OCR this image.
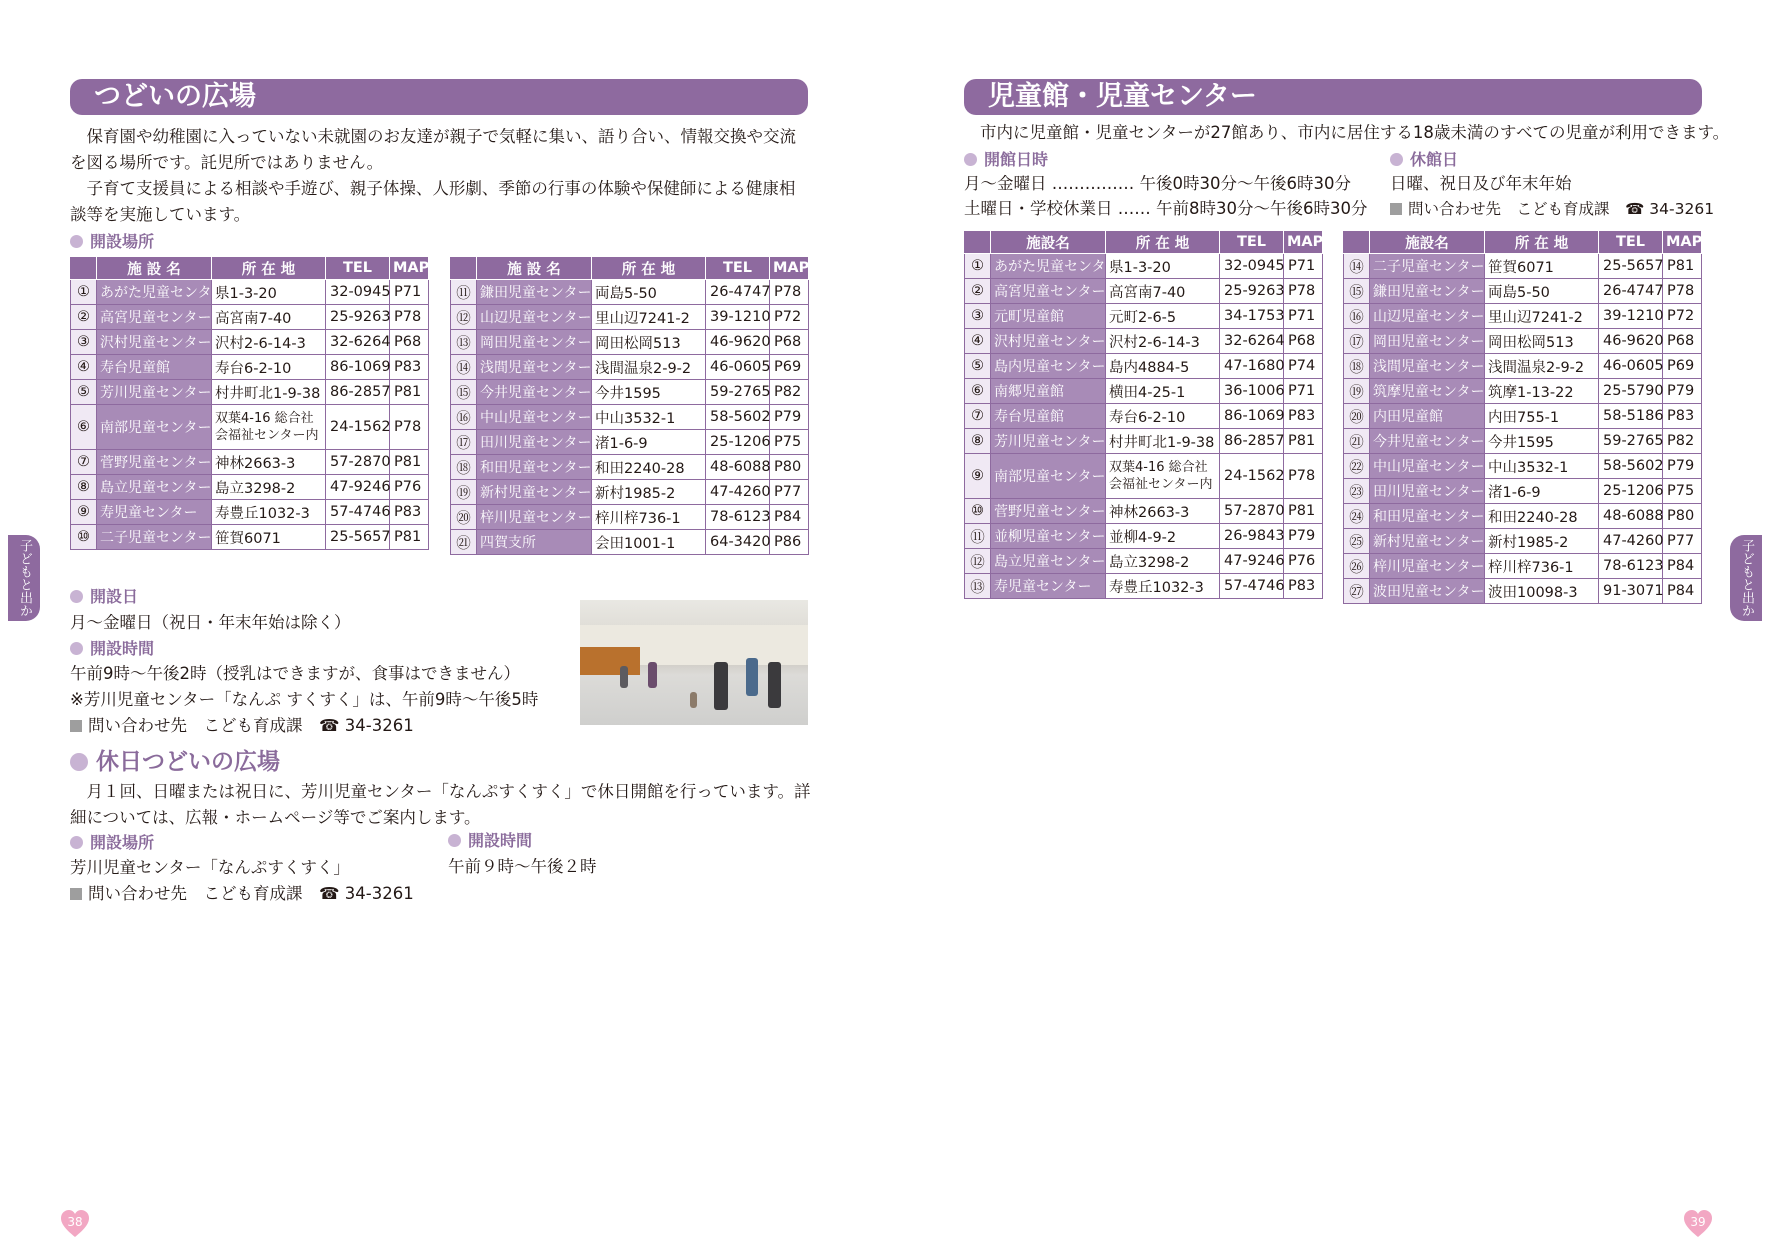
つどいの広場
　保育園や幼稚園に入っていない未就園のお友達が親子で気軽に集い、語り合い、情報交換や交流を図る場所です。託児所ではありません。
　子育て支援員による相談や手遊び、親子体操、人形劇、季節の行事の体験や保健師による健康相談等を実施しています。
開設場所
	施 設 名	所 在 地	TEL	MAP
①	あがた児童センター	県1-3-20	32-0945	P71
②	高宮児童センター	高宮南7-40	25-9263	P78
③	沢村児童センター	沢村2-6-14-3	32-6264	P68
④	寿台児童館	寿台6-2-10	86-1069	P83
⑤	芳川児童センター	村井町北1-9-38	86-2857	P81
⑥	南部児童センター	双葉4-16 総合社会福祉センター内	24-1562	P78
⑦	菅野児童センター	神林2663-3	57-2870	P81
⑧	島立児童センター	島立3298-2	47-9246	P76
⑨	寿児童センター	寿豊丘1032-3	57-4746	P83
⑩	二子児童センター	笹賀6071	25-5657	P81
	施 設 名	所 在 地	TEL	MAP
⑪	鎌田児童センター	両島5-50	26-4747	P78
⑫	山辺児童センター	里山辺7241-2	39-1210	P72
⑬	岡田児童センター	岡田松岡513	46-9620	P68
⑭	浅間児童センター	浅間温泉2-9-2	46-0605	P69
⑮	今井児童センター	今井1595	59-2765	P82
⑯	中山児童センター	中山3532-1	58-5602	P79
⑰	田川児童センター	渚1-6-9	25-1206	P75
⑱	和田児童センター	和田2240-28	48-6088	P80
⑲	新村児童センター	新村1985-2	47-4260	P77
⑳	梓川児童センター	梓川梓736-1	78-6123	P84
㉑	四賀支所	会田1001-1	64-3420	P86
開設日
月～金曜日（祝日・年末年始は除く）
開設時間
午前9時～午後2時（授乳はできますが、食事はできません）
※芳川児童センター「なんぷ すくすく」は、午前9時～午後5時
問い合わせ先　 こども育成課　 ☎ 34-3261
休日つどいの広場
　月１回、日曜または祝日に、芳川児童センター「なんぷすくすく」で休日開館を行っています。詳細については、広報・ホームページ等でご案内します。
開設場所
芳川児童センター「なんぷすくすく」
問い合わせ先　 こども育成課　 ☎ 34-3261
開設時間
午前９時～午後２時
子どもと出か
38
児童館・児童センター
市内に児童館・児童センターが27館あり、市内に居住する18歳未満のすべての児童が利用できます。
開館日時
月～金曜日 …………… 午後0時30分～午後6時30分
土曜日・学校休業日 …… 午前8時30分～午後6時30分
休館日
日曜、祝日及び年末年始
問い合わせ先　 こども育成課　 ☎ 34-3261
	施設名	所 在 地	TEL	MAP
①	あがた児童センター	県1-3-20	32-0945	P71
②	高宮児童センター	高宮南7-40	25-9263	P78
③	元町児童館	元町2-6-5	34-1753	P71
④	沢村児童センター	沢村2-6-14-3	32-6264	P68
⑤	島内児童センター	島内4884-5	47-1680	P74
⑥	南郷児童館	横田4-25-1	36-1006	P71
⑦	寿台児童館	寿台6-2-10	86-1069	P83
⑧	芳川児童センター	村井町北1-9-38	86-2857	P81
⑨	南部児童センター	双葉4-16 総合社会福祉センター内	24-1562	P78
⑩	菅野児童センター	神林2663-3	57-2870	P81
⑪	並柳児童センター	並柳4-9-2	26-9843	P79
⑫	島立児童センター	島立3298-2	47-9246	P76
⑬	寿児童センター	寿豊丘1032-3	57-4746	P83
	施設名	所 在 地	TEL	MAP
⑭	二子児童センター	笹賀6071	25-5657	P81
⑮	鎌田児童センター	両島5-50	26-4747	P78
⑯	山辺児童センター	里山辺7241-2	39-1210	P72
⑰	岡田児童センター	岡田松岡513	46-9620	P68
⑱	浅間児童センター	浅間温泉2-9-2	46-0605	P69
⑲	筑摩児童センター	筑摩1-13-22	25-5790	P79
⑳	内田児童館	内田755-1	58-5186	P83
㉑	今井児童センター	今井1595	59-2765	P82
㉒	中山児童センター	中山3532-1	58-5602	P79
㉓	田川児童センター	渚1-6-9	25-1206	P75
㉔	和田児童センター	和田2240-28	48-6088	P80
㉕	新村児童センター	新村1985-2	47-4260	P77
㉖	梓川児童センター	梓川梓736-1	78-6123	P84
㉗	波田児童センター	波田10098-3	91-3071	P84	子どもと出かける
39
